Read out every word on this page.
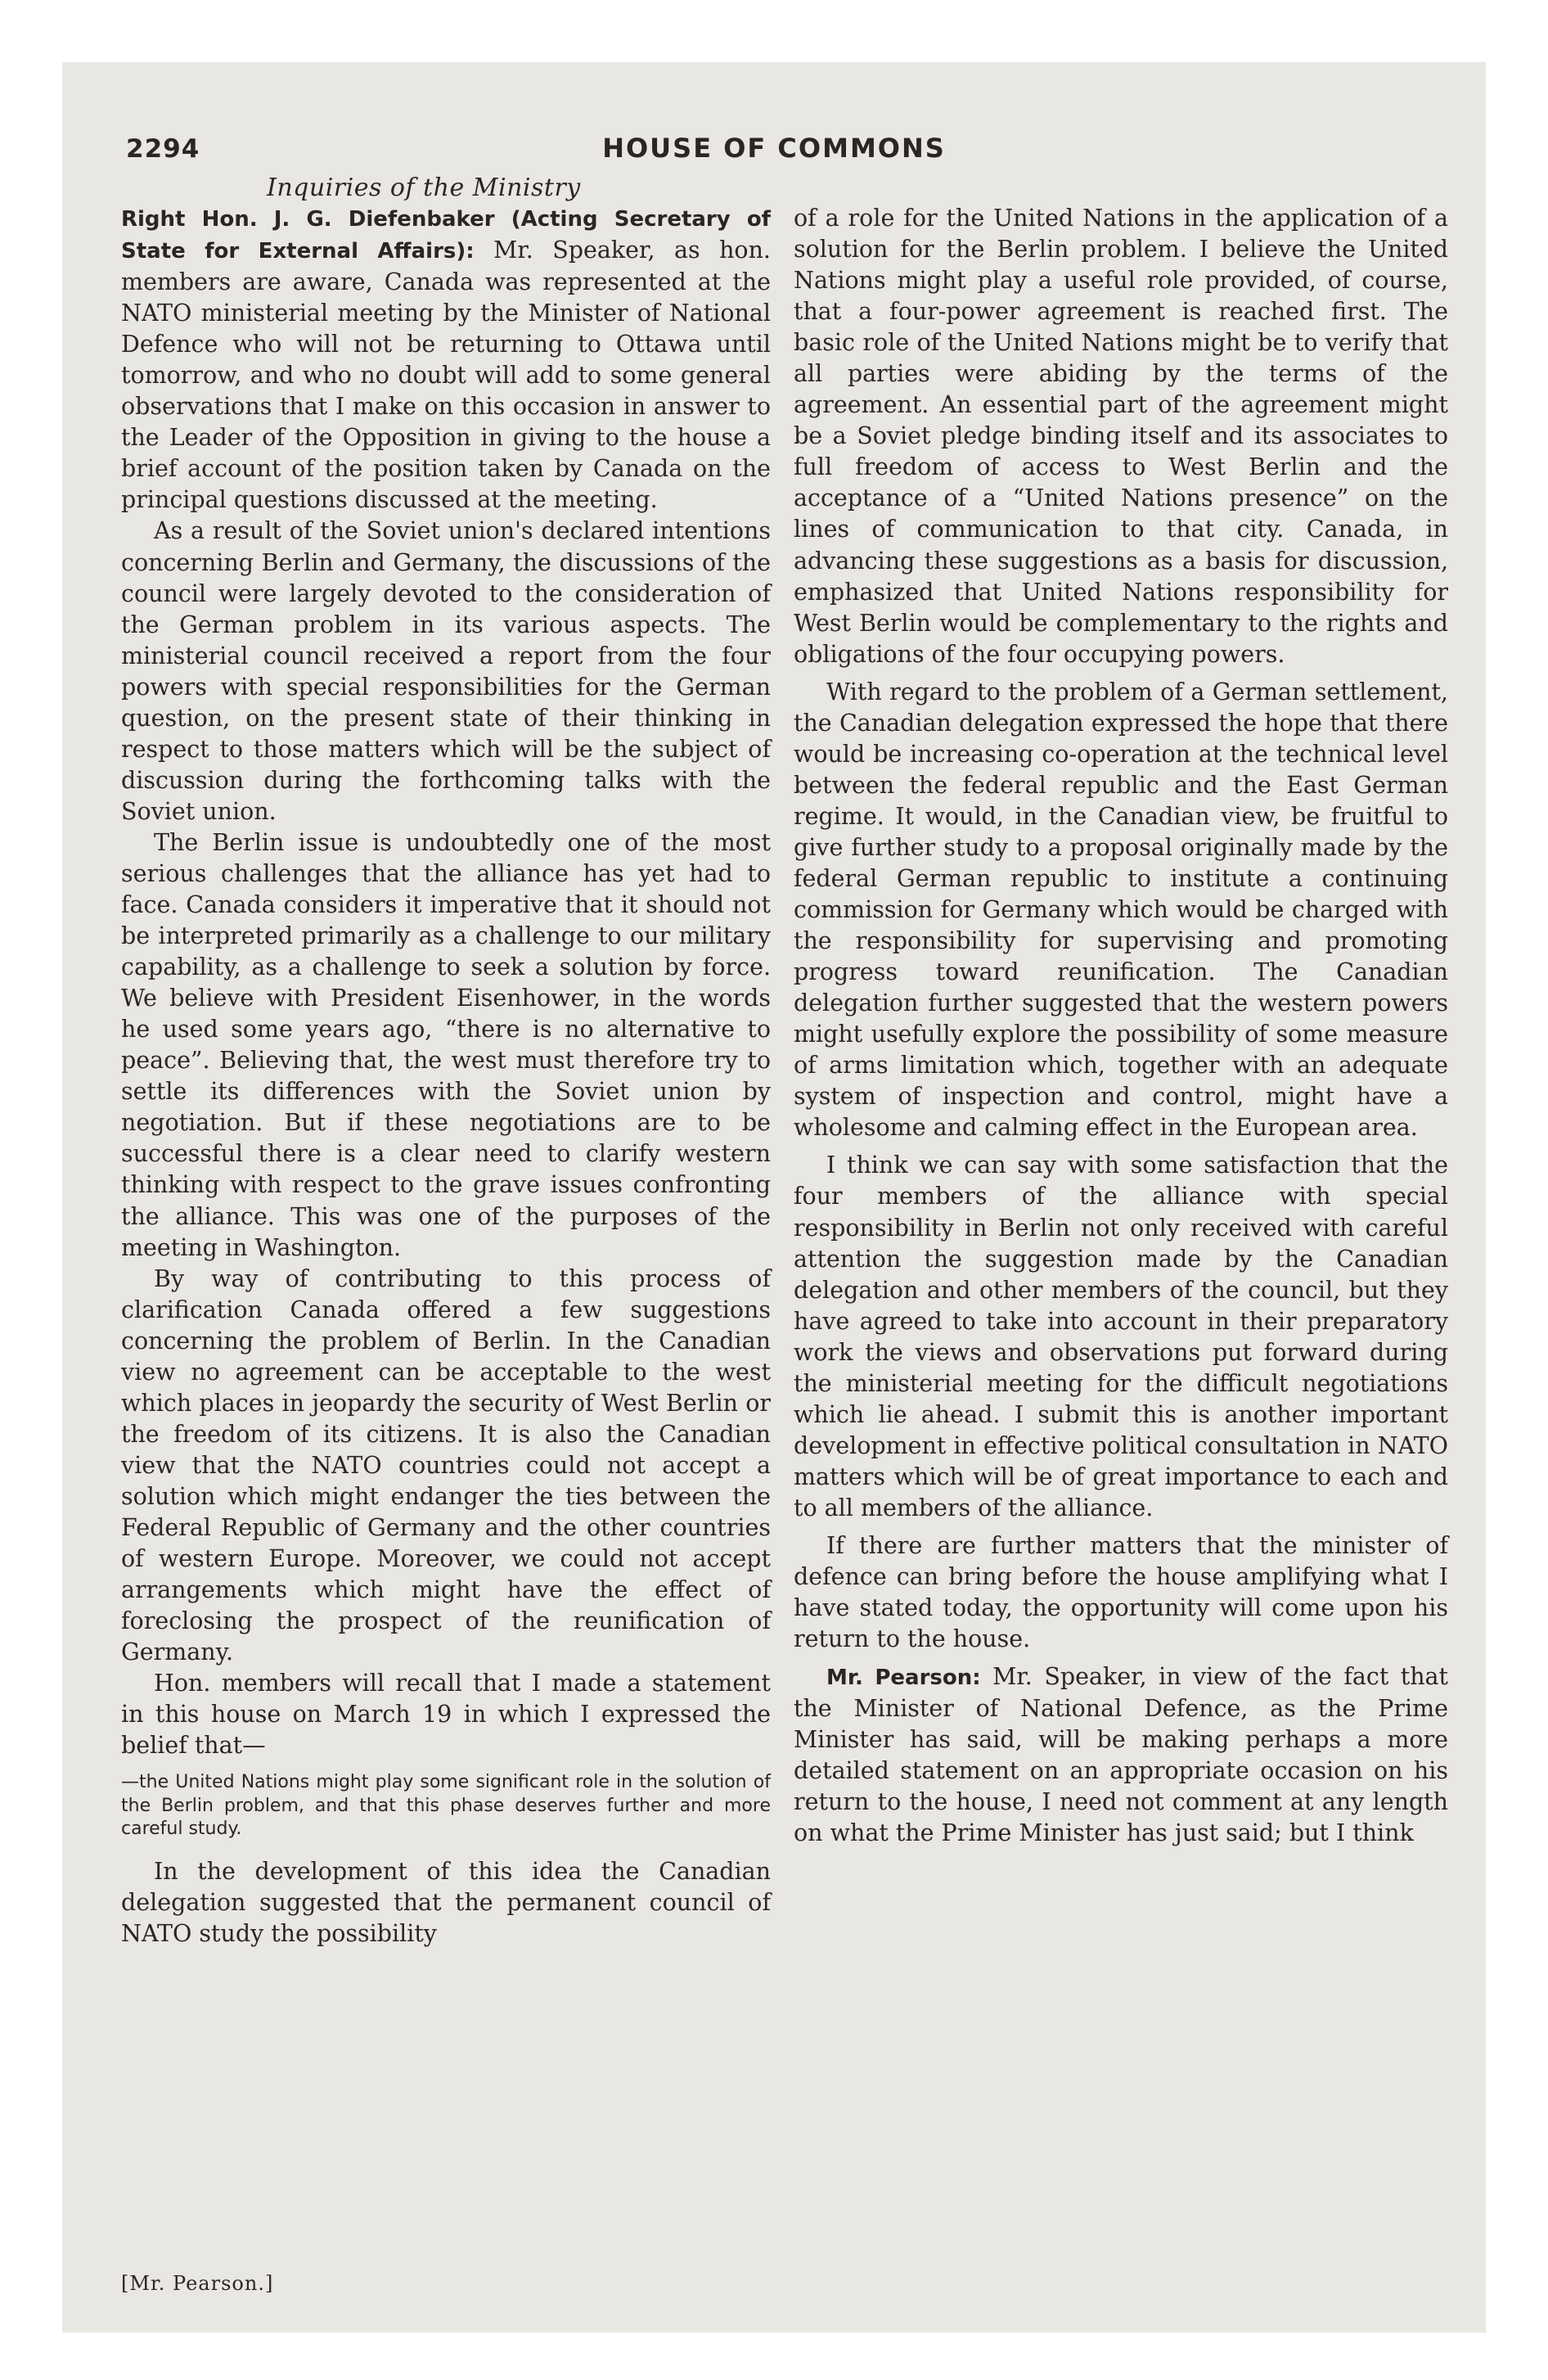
2294	HOUSE OF COMMONS
Inquiries of the Ministry

Right Hon. J. G. Diefenbaker (Acting Secretary of State for External Affairs): Mr. Speaker, as hon. members are aware, Canada was represented at the NATO ministerial meeting by the Minister of National Defence who will not be returning to Ottawa until tomorrow, and who no doubt will add to some general observations that I make on this occasion in answer to the Leader of the Opposition in giving to the house a brief account of the position taken by Canada on the principal questions discussed at the meeting.

As a result of the Soviet union's declared intentions concerning Berlin and Germany, the discussions of the council were largely devoted to the consideration of the German problem in its various aspects. The ministerial council received a report from the four powers with special responsibilities for the German question, on the present state of their thinking in respect to those matters which will be the subject of discussion during the forthcoming talks with the Soviet union.

The Berlin issue is undoubtedly one of the most serious challenges that the alliance has yet had to face. Canada considers it imperative that it should not be interpreted primarily as a challenge to our military capability, as a challenge to seek a solution by force. We believe with President Eisenhower, in the words he used some years ago, “there is no alternative to peace”. Believing that, the west must therefore try to settle its differences with the Soviet union by negotiation. But if these negotiations are to be successful there is a clear need to clarify western thinking with respect to the grave issues confronting the alliance. This was one of the purposes of the meeting in Washington.

By way of contributing to this process of clarification Canada offered a few suggestions concerning the problem of Berlin. In the Canadian view no agreement can be acceptable to the west which places in jeopardy the security of West Berlin or the freedom of its citizens. It is also the Canadian view that the NATO countries could not accept a solution which might endanger the ties between the Federal Republic of Germany and the other countries of western Europe. Moreover, we could not accept arrangements which might have the effect of foreclosing the prospect of the reunification of Germany.

Hon. members will recall that I made a statement in this house on March 19 in which I expressed the belief that—

—the United Nations might play some significant role in the solution of the Berlin problem, and that this phase deserves further and more careful study.

In the development of this idea the Canadian delegation suggested that the permanent council of NATO study the possibility

of a role for the United Nations in the application of a solution for the Berlin problem. I believe the United Nations might play a useful role provided, of course, that a four-power agreement is reached first. The basic role of the United Nations might be to verify that all parties were abiding by the terms of the agreement. An essential part of the agreement might be a Soviet pledge binding itself and its associates to full freedom of access to West Berlin and the acceptance of a “United Nations presence” on the lines of communication to that city. Canada, in advancing these suggestions as a basis for discussion, emphasized that United Nations responsibility for West Berlin would be complementary to the rights and obligations of the four occupying powers.

With regard to the problem of a German settlement, the Canadian delegation expressed the hope that there would be increasing co-operation at the technical level between the federal republic and the East German regime. It would, in the Canadian view, be fruitful to give further study to a proposal originally made by the federal German republic to institute a continuing commission for Germany which would be charged with the responsibility for supervising and promoting progress toward reunification. The Canadian delegation further suggested that the western powers might usefully explore the possibility of some measure of arms limitation which, together with an adequate system of inspection and control, might have a wholesome and calming effect in the European area.

I think we can say with some satisfaction that the four members of the alliance with special responsibility in Berlin not only received with careful attention the suggestion made by the Canadian delegation and other members of the council, but they have agreed to take into account in their preparatory work the views and observations put forward during the ministerial meeting for the difficult negotiations which lie ahead. I submit this is another important development in effective political consultation in NATO matters which will be of great importance to each and to all members of the alliance.

If there are further matters that the minister of defence can bring before the house amplifying what I have stated today, the opportunity will come upon his return to the house.

Mr. Pearson: Mr. Speaker, in view of the fact that the Minister of National Defence, as the Prime Minister has said, will be making perhaps a more detailed statement on an appropriate occasion on his return to the house, I need not comment at any length on what the Prime Minister has just said; but I think

[Mr. Pearson.]
